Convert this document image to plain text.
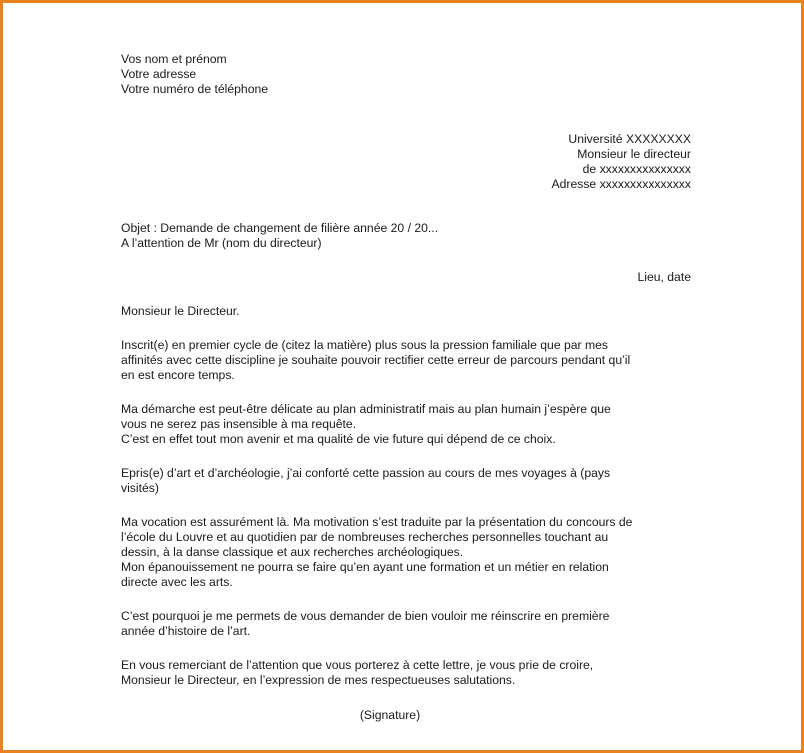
Vos nom et prénom
Votre adresse
Votre numéro de téléphone
Université XXXXXXXX
Monsieur le directeur
de xxxxxxxxxxxxxxx
Adresse xxxxxxxxxxxxxxx
Objet : Demande de changement de filière année 20 / 20...
A l’attention de Mr (nom du directeur)
Lieu, date
Monsieur le Directeur.
Inscrit(e) en premier cycle de (citez la matière) plus sous la pression familiale que par mes
affinités avec cette discipline je souhaite pouvoir rectifier cette erreur de parcours pendant qu’il
en est encore temps.
Ma démarche est peut-être délicate au plan administratif mais au plan humain j’espère que
vous ne serez pas insensible à ma requête.
C’est en effet tout mon avenir et ma qualité de vie future qui dépend de ce choix.
Epris(e) d’art et d’archéologie, j’ai conforté cette passion au cours de mes voyages à (pays
visités)
Ma vocation est assurément là. Ma motivation s’est traduite par la présentation du concours de
l’école du Louvre et au quotidien par de nombreuses recherches personnelles touchant au
dessin, à la danse classique et aux recherches archéologiques.
Mon épanouissement ne pourra se faire qu’en ayant une formation et un métier en relation
directe avec les arts.
C’est pourquoi je me permets de vous demander de bien vouloir me réinscrire en première
année d’histoire de l’art.
En vous remerciant de l’attention que vous porterez à cette lettre, je vous prie de croire,
Monsieur le Directeur, en l’expression de mes respectueuses salutations.
(Signature)
